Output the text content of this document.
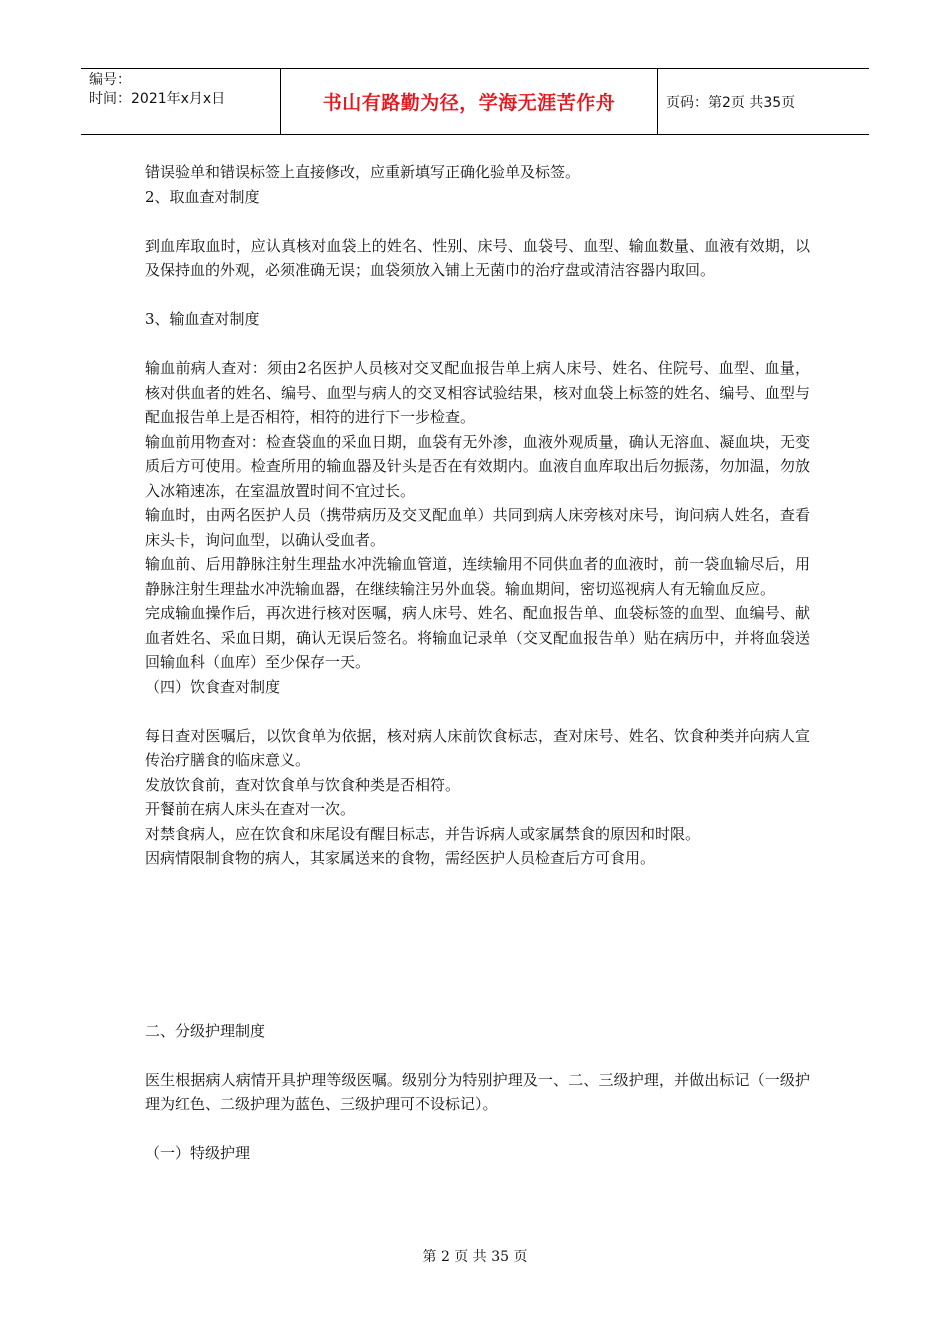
编号：
时间：2021年x月x日	书山有路勤为径，学海无涯苦作舟	页码：第2页 共35页

错误验单和错误标签上直接修改，应重新填写正确化验单及标签。

2、取血查对制度

到血库取血时，应认真核对血袋上的姓名、性别、床号、血袋号、血型、输血数量、血液有效期，以及保持血的外观，必须准确无误；血袋须放入铺上无菌巾的治疗盘或清洁容器内取回。

3、输血查对制度

输血前病人查对：须由2名医护人员核对交叉配血报告单上病人床号、姓名、住院号、血型、血量，核对供血者的姓名、编号、血型与病人的交叉相容试验结果，核对血袋上标签的姓名、编号、血型与配血报告单上是否相符，相符的进行下一步检查。

输血前用物查对：检查袋血的采血日期，血袋有无外渗，血液外观质量，确认无溶血、凝血块，无变质后方可使用。检查所用的输血器及针头是否在有效期内。血液自血库取出后勿振荡，勿加温，勿放入冰箱速冻，在室温放置时间不宜过长。

输血时，由两名医护人员（携带病历及交叉配血单）共同到病人床旁核对床号，询问病人姓名，查看床头卡，询问血型，以确认受血者。

输血前、后用静脉注射生理盐水冲洗输血管道，连续输用不同供血者的血液时，前一袋血输尽后，用静脉注射生理盐水冲洗输血器，在继续输注另外血袋。输血期间，密切巡视病人有无输血反应。

完成输血操作后，再次进行核对医嘱，病人床号、姓名、配血报告单、血袋标签的血型、血编号、献血者姓名、采血日期，确认无误后签名。将输血记录单（交叉配血报告单）贴在病历中，并将血袋送回输血科（血库）至少保存一天。

（四）饮食查对制度

每日查对医嘱后，以饮食单为依据，核对病人床前饮食标志，查对床号、姓名、饮食种类并向病人宣传治疗膳食的临床意义。

发放饮食前，查对饮食单与饮食种类是否相符。

开餐前在病人床头在查对一次。

对禁食病人，应在饮食和床尾设有醒目标志，并告诉病人或家属禁食的原因和时限。

因病情限制食物的病人，其家属送来的食物，需经医护人员检查后方可食用。

二、分级护理制度

医生根据病人病情开具护理等级医嘱。级别分为特别护理及一、二、三级护理，并做出标记（一级护理为红色、二级护理为蓝色、三级护理可不设标记）。

（一）特级护理

第 2 页 共 35 页
